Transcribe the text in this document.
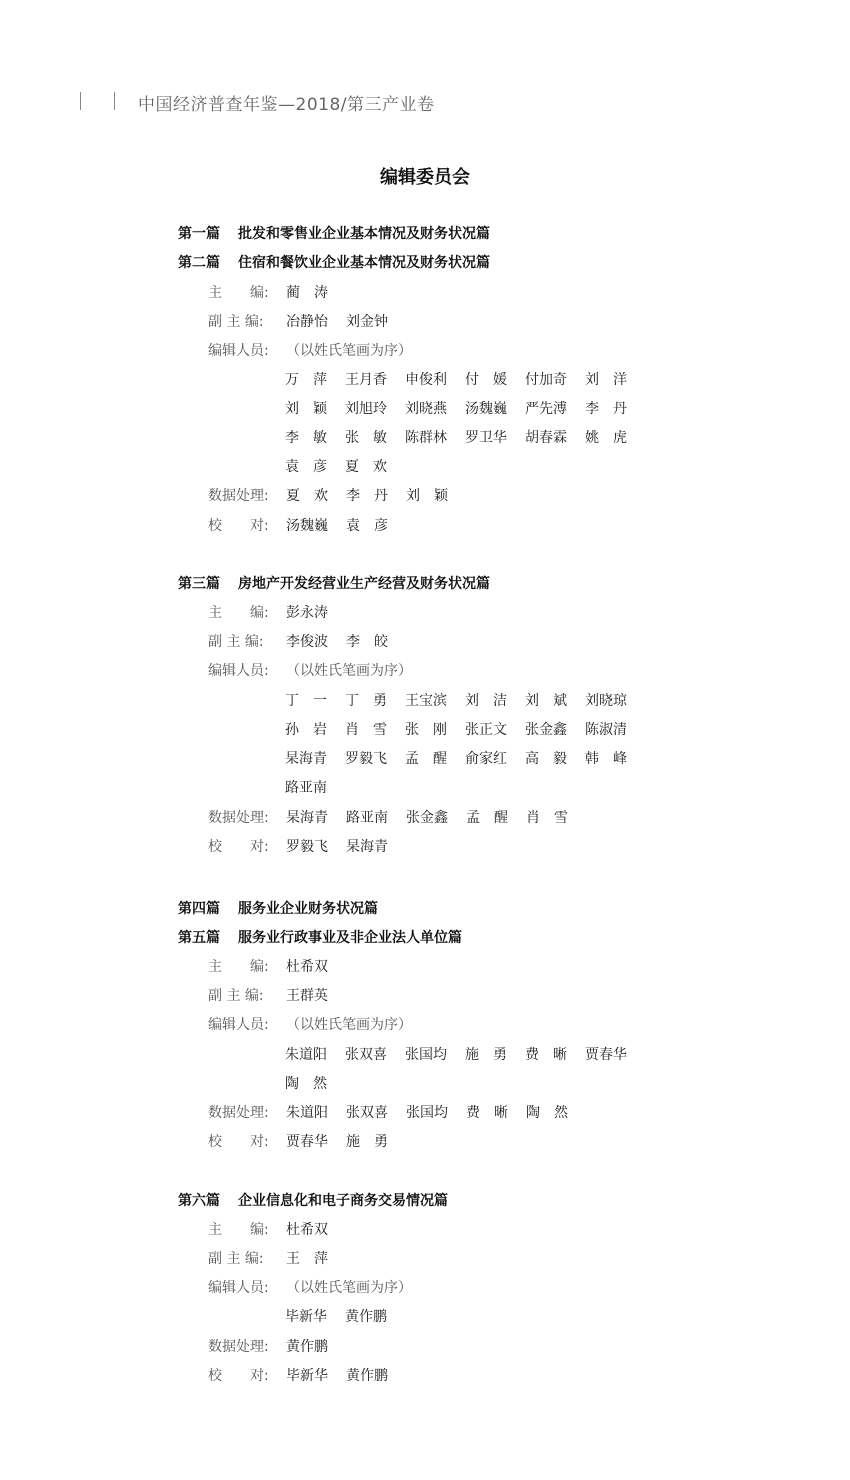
中国经济普查年鉴—2018/第三产业卷
编辑委员会
第一篇 批发和零售业企业基本情况及财务状况篇
第二篇 住宿和餐饮业企业基本情况及财务状况篇
主　　编: 蔺　涛
副 主 编: 冶静怡 刘金钟
编辑人员: （以姓氏笔画为序）
万　萍 王月香 申俊利 付　媛 付加奇 刘　洋
刘　颖 刘旭玲 刘晓燕 汤魏巍 严先溥 李　丹
李　敏 张　敏 陈群林 罗卫华 胡春霖 姚　虎
袁　彦 夏　欢
数据处理: 夏　欢 李　丹 刘　颖
校　　对: 汤魏巍 袁　彦
第三篇 房地产开发经营业生产经营及财务状况篇
主　　编: 彭永涛
副 主 编: 李俊波 李　皎
编辑人员: （以姓氏笔画为序）
丁　一 丁　勇 王宝滨 刘　洁 刘　斌 刘晓琼
孙　岩 肖　雪 张　刚 张正文 张金鑫 陈淑清
杲海青 罗毅飞 孟　醒 俞家红 高　毅 韩　峰
路亚南
数据处理: 杲海青 路亚南 张金鑫 孟　醒 肖　雪
校　　对: 罗毅飞 杲海青
第四篇 服务业企业财务状况篇
第五篇 服务业行政事业及非企业法人单位篇
主　　编: 杜希双
副 主 编: 王群英
编辑人员: （以姓氏笔画为序）
朱道阳 张双喜 张国均 施　勇 费　晰 贾春华
陶　然
数据处理: 朱道阳 张双喜 张国均 费　晰 陶　然
校　　对: 贾春华 施　勇
第六篇 企业信息化和电子商务交易情况篇
主　　编: 杜希双
副 主 编: 王　萍
编辑人员: （以姓氏笔画为序）
毕新华 黄作鹏
数据处理: 黄作鹏
校　　对: 毕新华 黄作鹏
